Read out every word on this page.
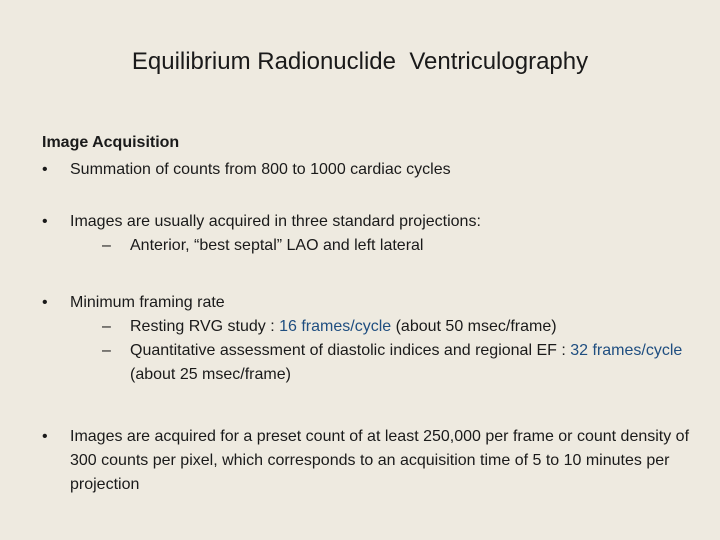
Equilibrium Radionuclide  Ventriculography
Image Acquisition
•	Summation of counts from 800 to 1000 cardiac cycles
•	Images are usually acquired in three standard projections:
– Anterior, “best septal” LAO and left lateral
•	Minimum framing rate
– Resting RVG study : 16 frames/cycle (about 50 msec/frame)
– Quantitative assessment of diastolic indices and regional EF : 32 frames/cycle (about 25 msec/frame)
•	Images are acquired for a preset count of at least 250,000 per frame or count density of 300 counts per pixel, which corresponds to an acquisition time of 5 to 10 minutes per projection
